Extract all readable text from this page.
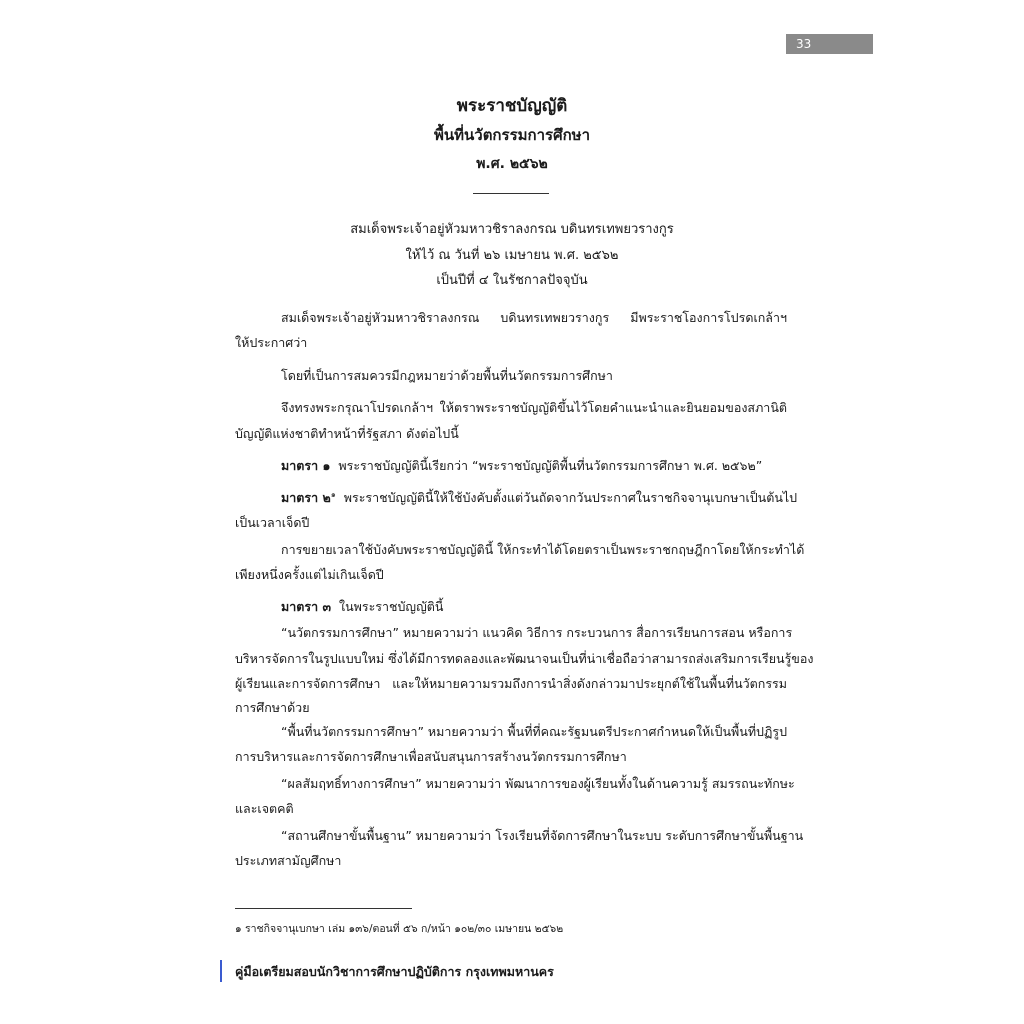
33
พระราชบัญญัติ
พื้นที่นวัตกรรมการศึกษา
พ.ศ. ๒๕๖๒
สมเด็จพระเจ้าอยู่หัวมหาวชิราลงกรณ บดินทรเทพยวรางกูร
ให้ไว้ ณ วันที่ ๒๖ เมษายน พ.ศ. ๒๕๖๒
เป็นปีที่ ๔ ในรัชกาลปัจจุบัน
สมเด็จพระเจ้าอยู่หัวมหาวชิราลงกรณ บดินทรเทพยวรางกูร มีพระราชโองการโปรดเกล้าฯ
ให้ประกาศว่า
โดยที่เป็นการสมควรมีกฎหมายว่าด้วยพื้นที่นวัตกรรมการศึกษา
จึงทรงพระกรุณาโปรดเกล้าฯ ให้ตราพระราชบัญญัติขึ้นไว้โดยคำแนะนำและยินยอมของสภานิติ
บัญญัติแห่งชาติทำหน้าที่รัฐสภา ดังต่อไปนี้
มาตรา ๑ พระราชบัญญัตินี้เรียกว่า “พระราชบัญญัติพื้นที่นวัตกรรมการศึกษา พ.ศ. ๒๕๖๒”
มาตรา ๒$^๑$ พระราชบัญญัตินี้ให้ใช้บังคับตั้งแต่วันถัดจากวันประกาศในราชกิจจานุเบกษาเป็นต้นไป
เป็นเวลาเจ็ดปี
การขยายเวลาใช้บังคับพระราชบัญญัตินี้ ให้กระทำได้โดยตราเป็นพระราชกฤษฎีกาโดยให้กระทำได้
เพียงหนึ่งครั้งแต่ไม่เกินเจ็ดปี
มาตรา ๓ ในพระราชบัญญัตินี้
“นวัตกรรมการศึกษา” หมายความว่า แนวคิด วิธีการ กระบวนการ สื่อการเรียนการสอน หรือการ
บริหารจัดการในรูปแบบใหม่ ซึ่งได้มีการทดลองและพัฒนาจนเป็นที่น่าเชื่อถือว่าสามารถส่งเสริมการเรียนรู้ของ
ผู้เรียนและการจัดการศึกษา และให้หมายความรวมถึงการนำสิ่งดังกล่าวมาประยุกต์ใช้ในพื้นที่นวัตกรรม
การศึกษาด้วย
“พื้นที่นวัตกรรมการศึกษา” หมายความว่า พื้นที่ที่คณะรัฐมนตรีประกาศกำหนดให้เป็นพื้นที่ปฏิรูป
การบริหารและการจัดการศึกษาเพื่อสนับสนุนการสร้างนวัตกรรมการศึกษา
“ผลสัมฤทธิ์ทางการศึกษา” หมายความว่า พัฒนาการของผู้เรียนทั้งในด้านความรู้ สมรรถนะทักษะ
และเจตคติ
“สถานศึกษาขั้นพื้นฐาน” หมายความว่า โรงเรียนที่จัดการศึกษาในระบบ ระดับการศึกษาขั้นพื้นฐาน
ประเภทสามัญศึกษา
๑ ราชกิจจานุเบกษา เล่ม ๑๓๖/ตอนที่ ๕๖ ก/หน้า ๑๐๒/๓๐ เมษายน ๒๕๖๒
คู่มือเตรียมสอบนักวิชาการศึกษาปฏิบัติการ กรุงเทพมหานคร
